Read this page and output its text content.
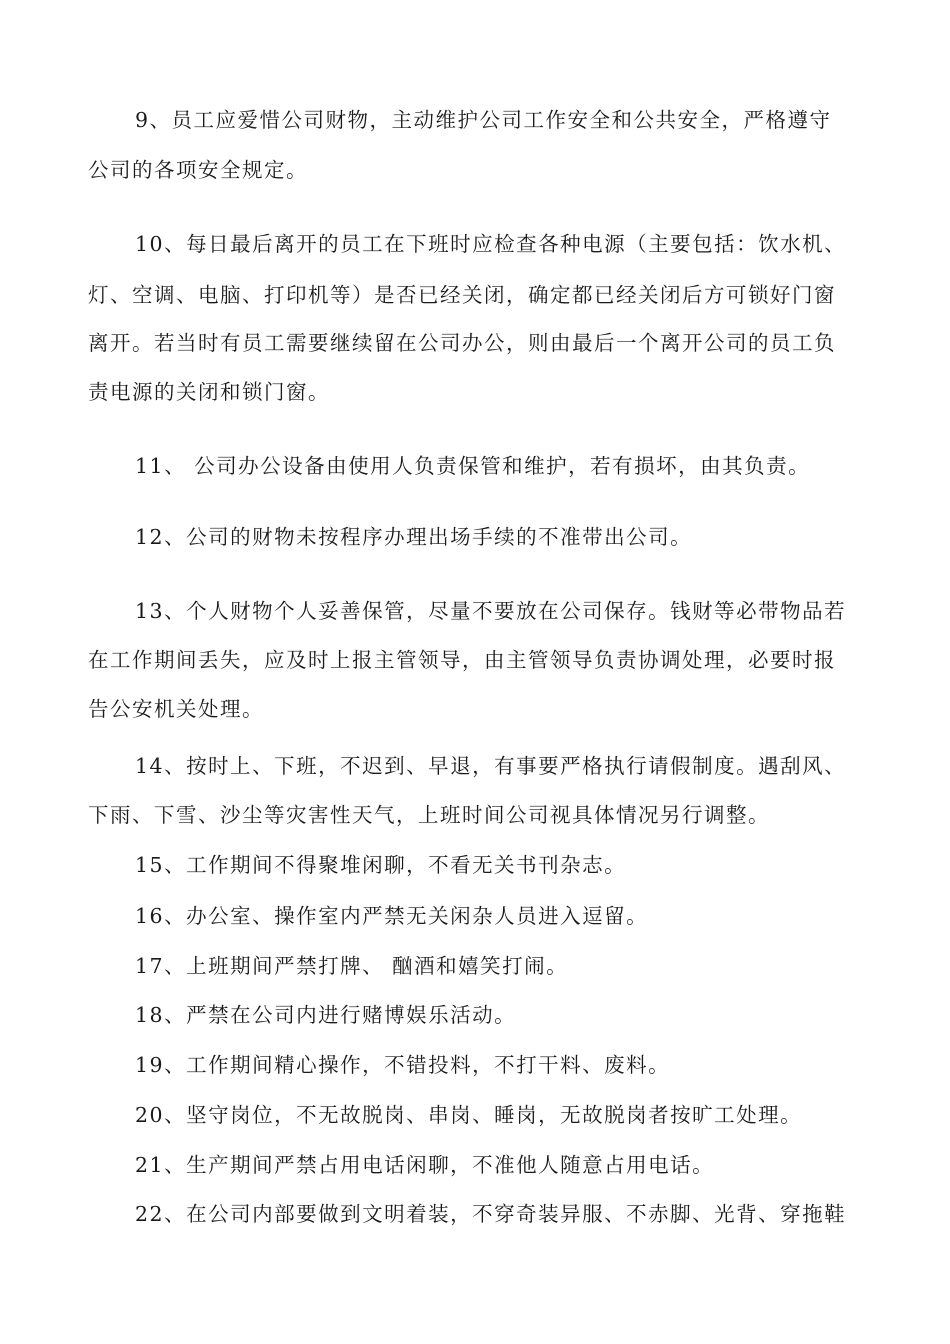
9、员工应爱惜公司财物，主动维护公司工作安全和公共安全，严格遵守

公司的各项安全规定。

10、每日最后离开的员工在下班时应检查各种电源（主要包括：饮水机、

灯、空调、电脑、打印机等）是否已经关闭，确定都已经关闭后方可锁好门窗

离开。若当时有员工需要继续留在公司办公，则由最后一个离开公司的员工负

责电源的关闭和锁门窗。

11、 公司办公设备由使用人负责保管和维护，若有损坏，由其负责。

12、公司的财物未按程序办理出场手续的不准带出公司。

13、个人财物个人妥善保管，尽量不要放在公司保存。钱财等必带物品若

在工作期间丢失，应及时上报主管领导，由主管领导负责协调处理，必要时报

告公安机关处理。

14、按时上、下班，不迟到、早退，有事要严格执行请假制度。遇刮风、

下雨、下雪、沙尘等灾害性天气，上班时间公司视具体情况另行调整。

15、工作期间不得聚堆闲聊，不看无关书刊杂志。

16、办公室、操作室内严禁无关闲杂人员进入逗留。

17、上班期间严禁打牌、 酗酒和嬉笑打闹。

18、严禁在公司内进行赌博娱乐活动。

19、工作期间精心操作，不错投料，不打干料、废料。

20、坚守岗位，不无故脱岗、串岗、睡岗，无故脱岗者按旷工处理。

21、生产期间严禁占用电话闲聊，不准他人随意占用电话。

22、在公司内部要做到文明着装，不穿奇装异服、不赤脚、光背、穿拖鞋
